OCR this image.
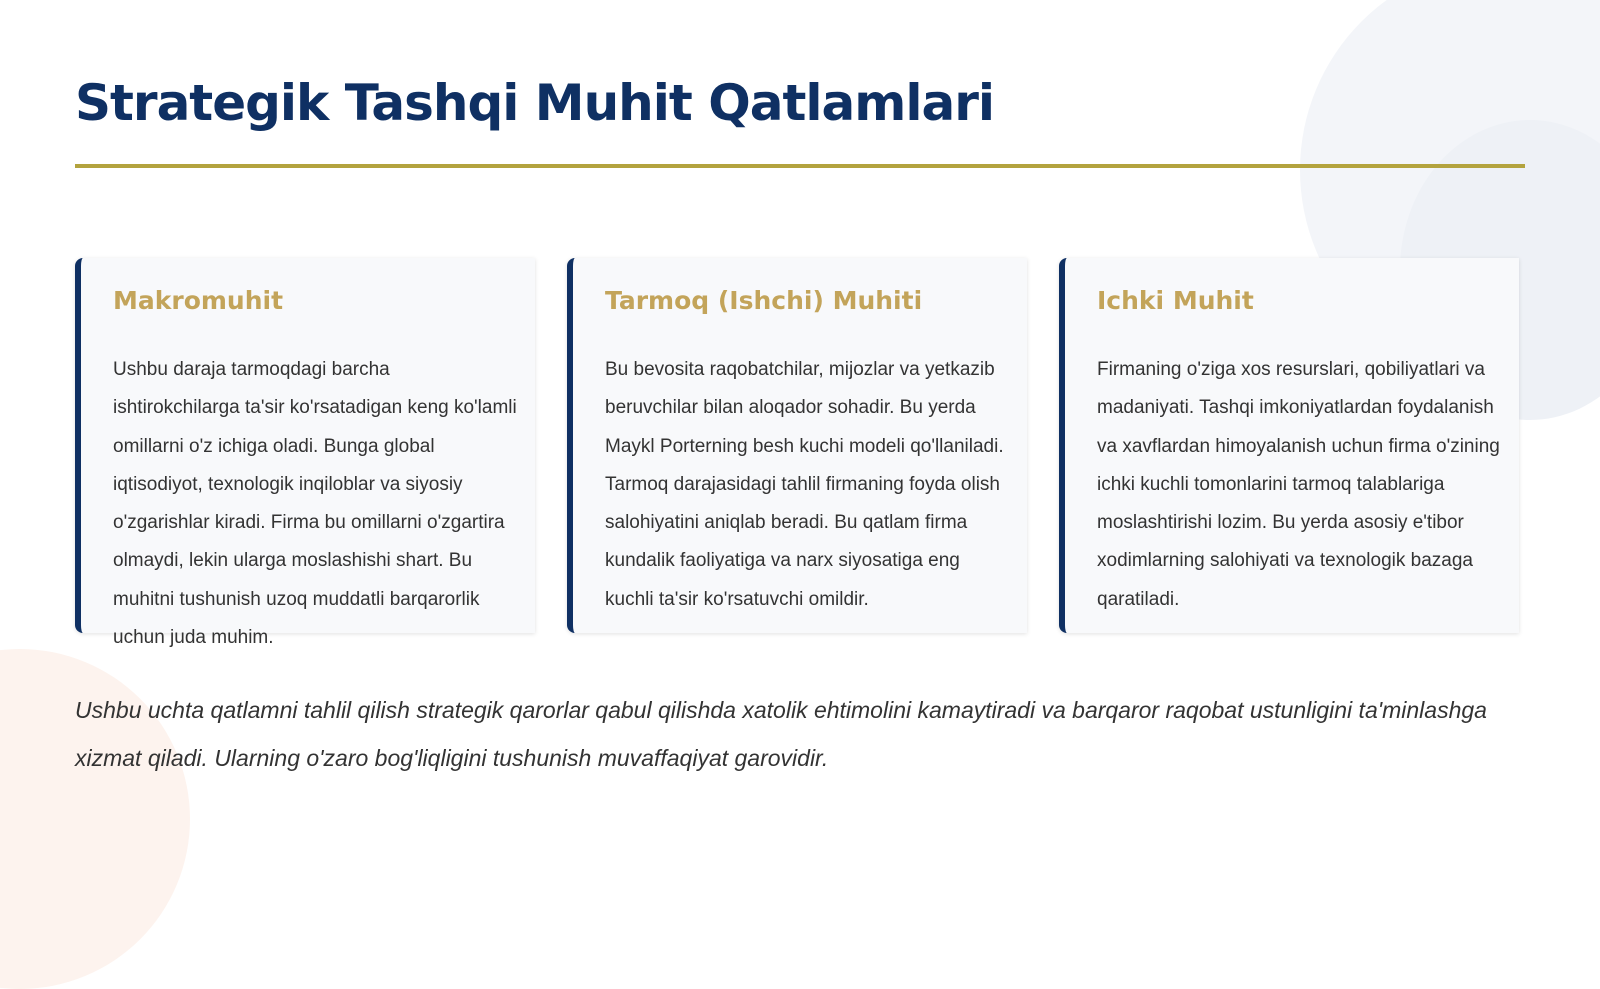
Strategik Tashqi Muhit Qatlamlari
Makromuhit

Ushbu daraja tarmoqdagi barcha ishtirokchilarga ta'sir ko'rsatadigan keng ko'lamli omillarni o'z ichiga oladi. Bunga global iqtisodiyot, texnologik inqiloblar va siyosiy o'zgarishlar kiradi. Firma bu omillarni o'zgartira olmaydi, lekin ularga moslashishi shart. Bu muhitni tushunish uzoq muddatli barqarorlik uchun juda muhim.

Tarmoq (Ishchi) Muhiti

Bu bevosita raqobatchilar, mijozlar va yetkazib beruvchilar bilan aloqador sohadir. Bu yerda Maykl Porterning besh kuchi modeli qo'llaniladi. Tarmoq darajasidagi tahlil firmaning foyda olish salohiyatini aniqlab beradi. Bu qatlam firma kundalik faoliyatiga va narx siyosatiga eng kuchli ta'sir ko'rsatuvchi omildir.

Ichki Muhit

Firmaning o'ziga xos resurslari, qobiliyatlari va madaniyati. Tashqi imkoniyatlardan foydalanish va xavflardan himoyalanish uchun firma o'zining ichki kuchli tomonlarini tarmoq talablariga moslashtirishi lozim. Bu yerda asosiy e'tibor xodimlarning salohiyati va texnologik bazaga qaratiladi.

Ushbu uchta qatlamni tahlil qilish strategik qarorlar qabul qilishda xatolik ehtimolini kamaytiradi va barqaror raqobat ustunligini ta'minlashga xizmat qiladi. Ularning o'zaro bog'liqligini tushunish muvaffaqiyat garovidir.
